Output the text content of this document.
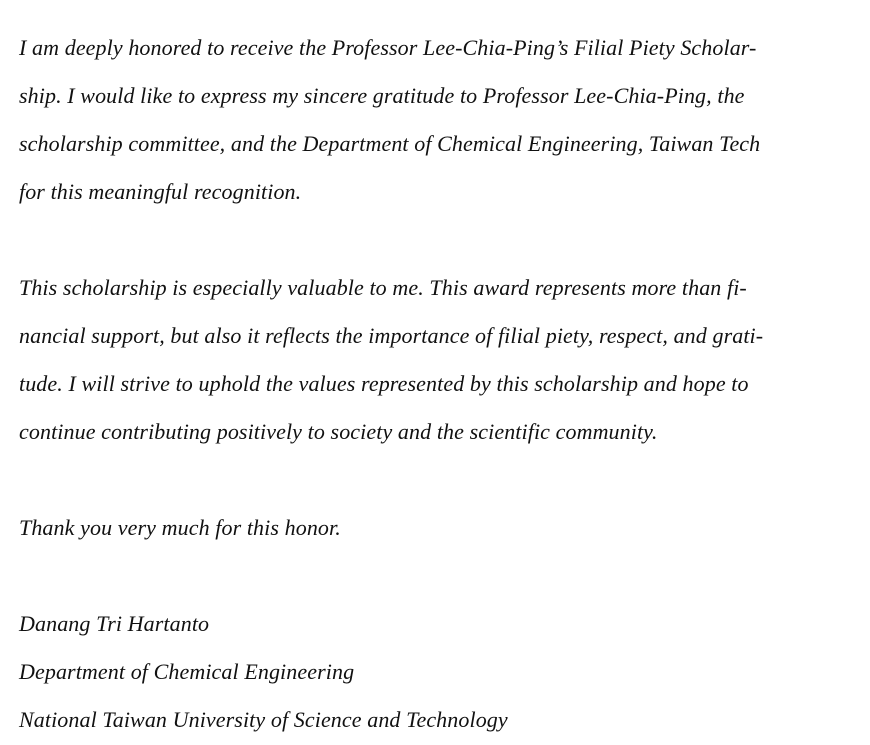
I am deeply honored to receive the Professor Lee-Chia-Ping’s Filial Piety Scholar-
ship. I would like to express my sincere gratitude to Professor Lee-Chia-Ping, the
scholarship committee, and the Department of Chemical Engineering, Taiwan Tech
for this meaningful recognition.
This scholarship is especially valuable to me. This award represents more than fi-
nancial support, but also it reflects the importance of filial piety, respect, and grati-
tude. I will strive to uphold the values represented by this scholarship and hope to
continue contributing positively to society and the scientific community.
Thank you very much for this honor.
Danang Tri Hartanto
Department of Chemical Engineering
National Taiwan University of Science and Technology
